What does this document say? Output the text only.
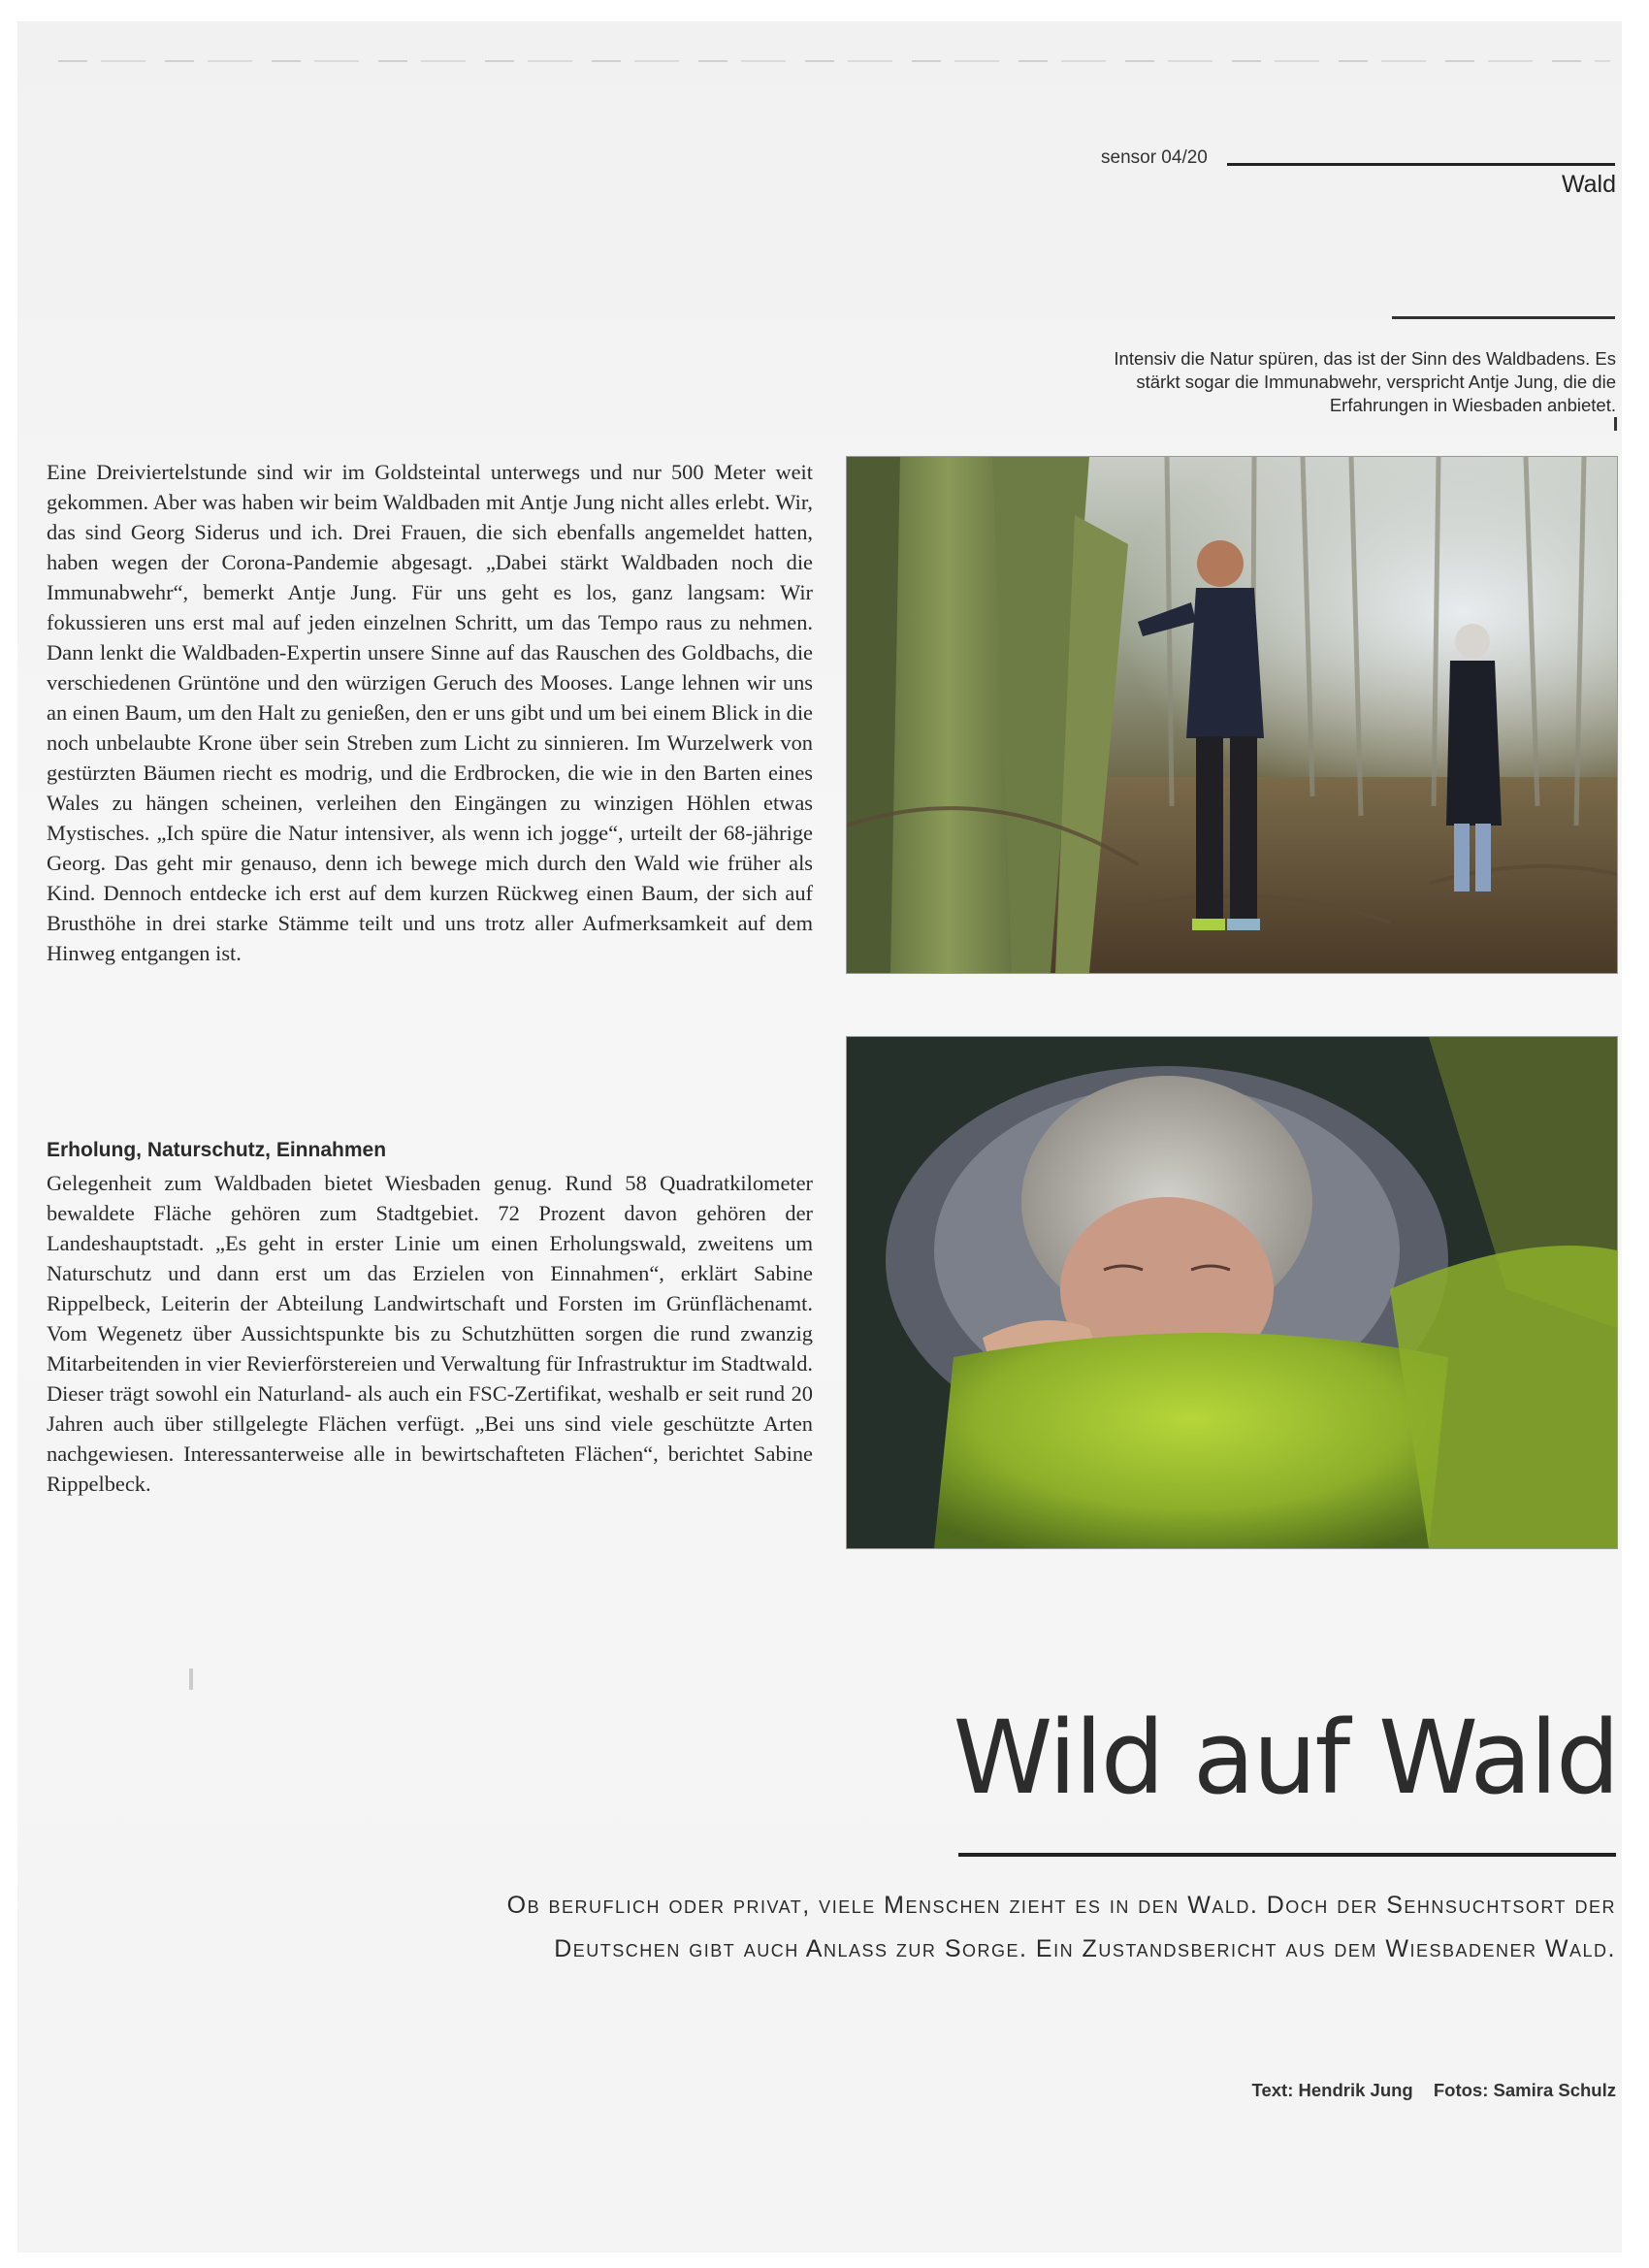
sensor 04/20
Wald
Intensiv die Natur spüren, das ist der Sinn des Waldbadens. Es stärkt sogar die Immunabwehr, verspricht Antje Jung, die die Erfahrungen in Wiesbaden anbietet.

Eine Dreiviertelstunde sind wir im Goldsteintal unterwegs und nur 500 Meter weit gekommen. Aber was haben wir beim Waldbaden mit Antje Jung nicht alles erlebt. Wir, das sind Georg Siderus und ich. Drei Frauen, die sich ebenfalls angemeldet hatten, haben wegen der Corona-Pandemie abgesagt. „Dabei stärkt Waldbaden noch die Immunabwehr“, bemerkt Antje Jung. Für uns geht es los, ganz langsam: Wir fokussieren uns erst mal auf jeden einzelnen Schritt, um das Tempo raus zu nehmen. Dann lenkt die Waldbaden-Expertin unsere Sinne auf das Rauschen des Goldbachs, die verschiedenen Grüntöne und den würzigen Geruch des Mooses. Lange lehnen wir uns an einen Baum, um den Halt zu genießen, den er uns gibt und um bei einem Blick in die noch unbelaubte Krone über sein Streben zum Licht zu sinnieren. Im Wurzelwerk von gestürzten Bäumen riecht es modrig, und die Erdbrocken, die wie in den Barten eines Wales zu hängen scheinen, verleihen den Eingängen zu winzigen Höhlen etwas Mystisches. „Ich spüre die Natur intensiver, als wenn ich jogge“, urteilt der 68-jährige Georg. Das geht mir genauso, denn ich bewege mich durch den Wald wie früher als Kind. Dennoch entdecke ich erst auf dem kurzen Rückweg einen Baum, der sich auf Brusthöhe in drei starke Stämme teilt und uns trotz aller Aufmerksamkeit auf dem Hinweg entgangen ist.

Erholung, Naturschutz, Einnahmen

Gelegenheit zum Waldbaden bietet Wiesbaden genug. Rund 58 Quadratkilometer bewaldete Fläche gehören zum Stadtgebiet. 72 Prozent davon gehören der Landeshauptstadt. „Es geht in erster Linie um einen Erholungswald, zweitens um Naturschutz und dann erst um das Erzielen von Einnahmen“, erklärt Sabine Rippelbeck, Leiterin der Abteilung Landwirtschaft und Forsten im Grünflächenamt. Vom Wegenetz über Aussichtspunkte bis zu Schutzhütten sorgen die rund zwanzig Mitarbeitenden in vier Revierförstereien und Verwaltung für Infrastruktur im Stadtwald. Dieser trägt sowohl ein Naturland- als auch ein FSC-Zertifikat, weshalb er seit rund 20 Jahren auch über stillgelegte Flächen verfügt. „Bei uns sind viele geschützte Arten nachgewiesen. Interessanterweise alle in bewirtschafteten Flächen“, berichtet Sabine Rippelbeck.

Wild auf Wald
Ob beruflich oder privat, viele Menschen zieht es in den Wald. Doch der Sehnsuchtsort der Deutschen gibt auch Anlass zur Sorge. Ein Zustandsbericht aus dem Wiesbadener Wald.
Text: Hendrik Jung Fotos: Samira Schulz
